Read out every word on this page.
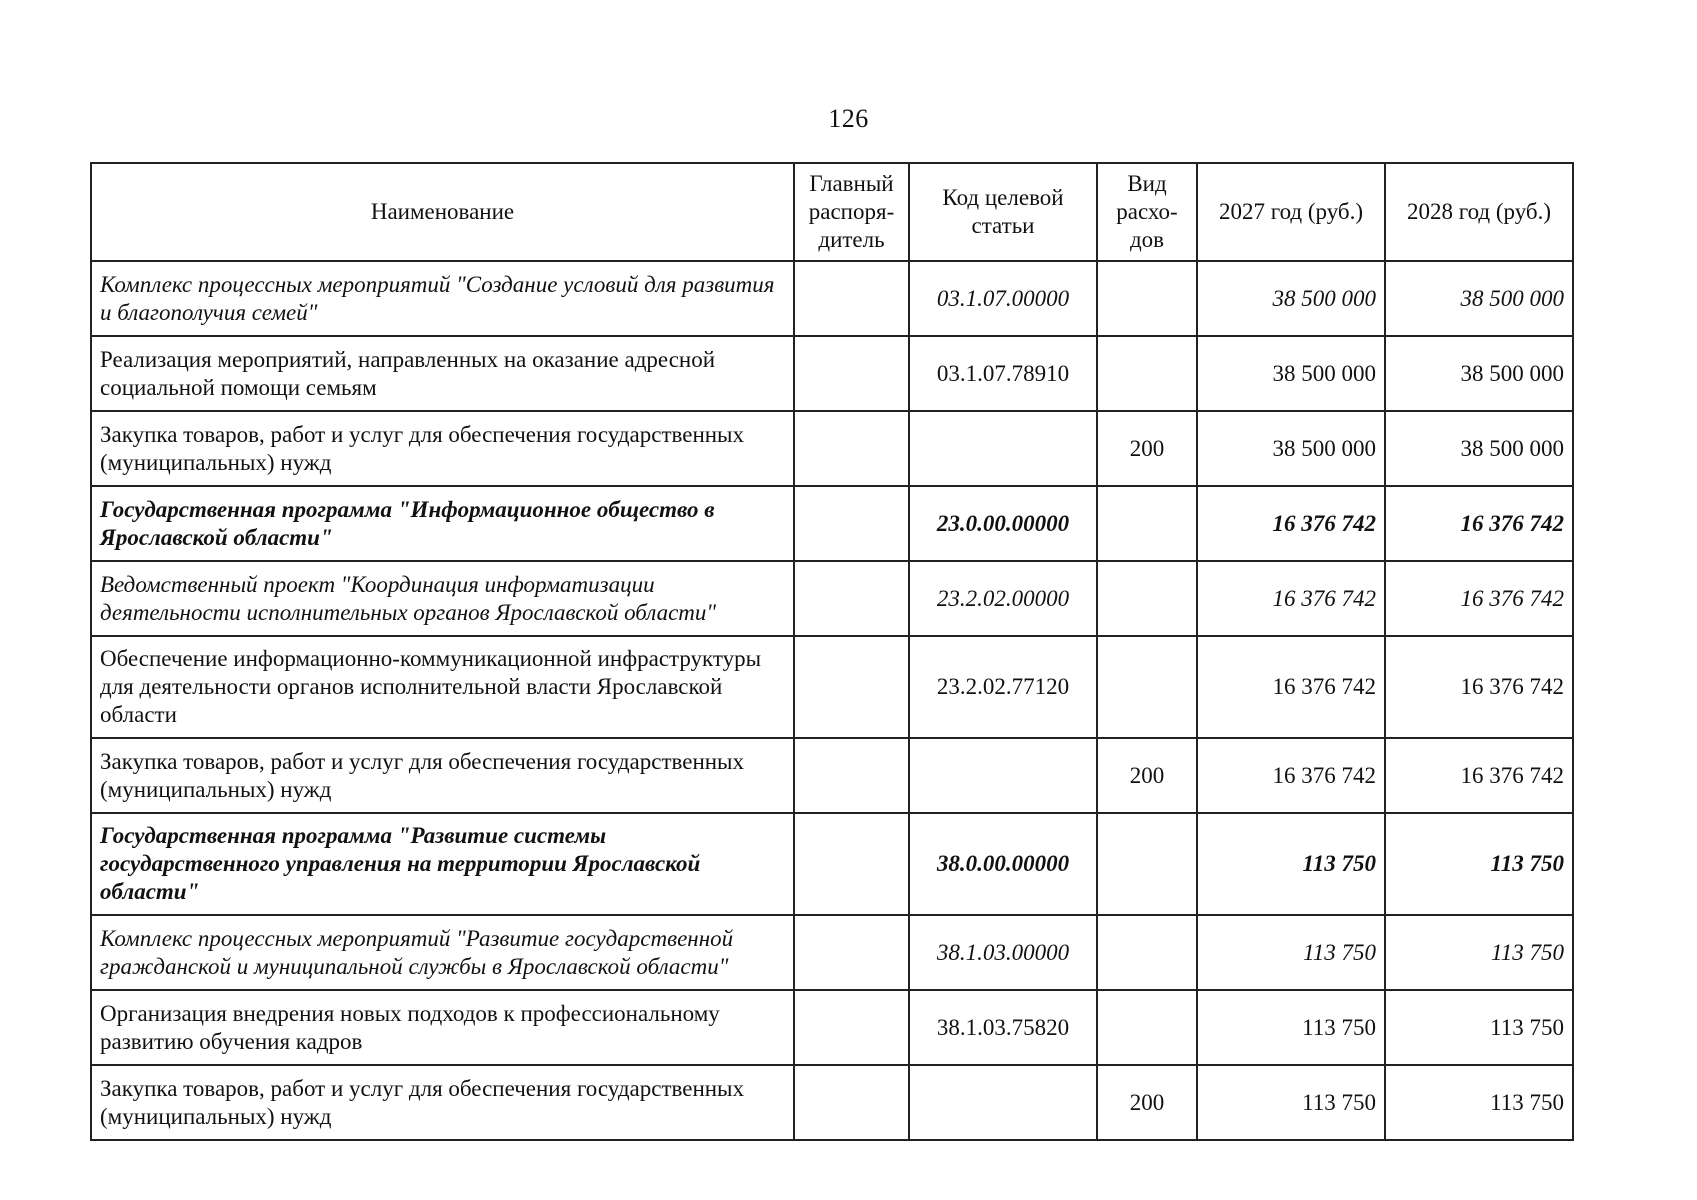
126
Наименование	Главный распоря-дитель	Код целевой статьи	Вид расхо-дов	2027 год (руб.)	2028 год (руб.)
Комплекс процессных мероприятий "Создание условий для развития и благополучия семей"		03.1.07.00000		38 500 000	38 500 000
Реализация мероприятий, направленных на оказание адресной социальной помощи семьям		03.1.07.78910		38 500 000	38 500 000
Закупка товаров, работ и услуг для обеспечения государственных (муниципальных) нужд			200	38 500 000	38 500 000
Государственная программа "Информационное общество в Ярославской области"		23.0.00.00000		16 376 742	16 376 742
Ведомственный проект "Координация информатизации деятельности исполнительных органов Ярославской области"		23.2.02.00000		16 376 742	16 376 742
Обеспечение информационно-коммуникационной инфраструктуры для деятельности органов исполнительной власти Ярославской области		23.2.02.77120		16 376 742	16 376 742
Закупка товаров, работ и услуг для обеспечения государственных (муниципальных) нужд			200	16 376 742	16 376 742
Государственная программа "Развитие системы государственного управления на территории Ярославской области"		38.0.00.00000		113 750	113 750
Комплекс процессных мероприятий "Развитие государственной гражданской и муниципальной службы в Ярославской области"		38.1.03.00000		113 750	113 750
Организация внедрения новых подходов к профессиональному развитию обучения кадров		38.1.03.75820		113 750	113 750
Закупка товаров, работ и услуг для обеспечения государственных (муниципальных) нужд			200	113 750	113 750
